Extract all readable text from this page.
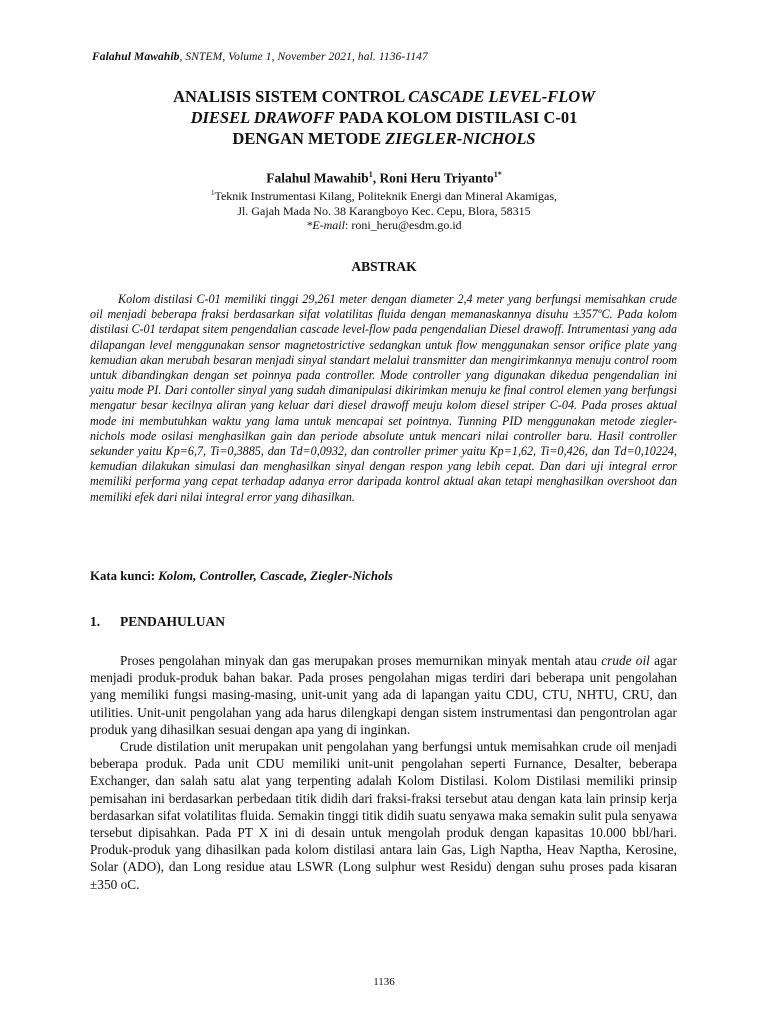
Falahul Mawahib, SNTEM, Volume 1, November 2021, hal. 1136-1147
ANALISIS SISTEM CONTROL CASCADE LEVEL-FLOW
DIESEL DRAWOFF PADA KOLOM DISTILASI C-01
DENGAN METODE ZIEGLER-NICHOLS
Falahul Mawahib$^1$, Roni Heru Triyanto$^{1*}$
$^1$Teknik Instrumentasi Kilang, Politeknik Energi dan Mineral Akamigas,
Jl. Gajah Mada No. 38 Karangboyo Kec. Cepu, Blora, 58315
*E-mail: roni_heru@esdm.go.id
ABSTRAK

Kolom distilasi C-01 memiliki tinggi 29,261 meter dengan diameter 2,4 meter yang berfungsi memisahkan crude oil menjadi beberapa fraksi berdasarkan sifat volatilitas fluida dengan memanaskannya disuhu ±357ºC. Pada kolom distilasi C-01 terdapat sitem pengendalian cascade level-flow pada pengendalian Diesel drawoff. Intrumentasi yang ada dilapangan level menggunakan sensor magnetostrictive sedangkan untuk flow menggunakan sensor orifice plate yang kemudian akan merubah besaran menjadi sinyal standart melalui transmitter dan mengirimkannya menuju control room untuk dibandingkan dengan set poinnya pada controller. Mode controller yang digunakan dikedua pengendalian ini yaitu mode PI. Dari contoller sinyal yang sudah dimanipulasi dikirimkan menuju ke final control elemen yang berfungsi mengatur besar kecilnya aliran yang keluar dari diesel drawoff meuju kolom diesel striper C-04. Pada proses aktual mode ini membutuhkan waktu yang lama untuk mencapai set pointnya. Tunning PID menggunakan metode ziegler-nichols mode osilasi menghasilkan gain dan periode absolute untuk mencari nilai controller baru. Hasil controller sekunder yaitu Kp=6,7, Ti=0,3885, dan Td=0,0932, dan controller primer yaitu Kp=1,62, Ti=0,426, dan Td=0,10224, kemudian dilakukan simulasi dan menghasilkan sinyal dengan respon yang lebih cepat. Dan dari uji integral error memiliki performa yang cepat terhadap adanya error daripada kontrol aktual akan tetapi menghasilkan overshoot dan memiliki efek dari nilai integral error yang dihasilkan.

Kata kunci: Kolom, Controller, Cascade, Ziegler-Nichols
1. PENDAHULUAN

Proses pengolahan minyak dan gas merupakan proses memurnikan minyak mentah atau crude oil agar menjadi produk-produk bahan bakar. Pada proses pengolahan migas terdiri dari beberapa unit pengolahan yang memiliki fungsi masing-masing, unit-unit yang ada di lapangan yaitu CDU, CTU, NHTU, CRU, dan utilities. Unit-unit pengolahan yang ada harus dilengkapi dengan sistem instrumentasi dan pengontrolan agar produk yang dihasilkan sesuai dengan apa yang di inginkan.

Crude distilation unit merupakan unit pengolahan yang berfungsi untuk memisahkan crude oil menjadi beberapa produk. Pada unit CDU memiliki unit-unit pengolahan seperti Furnance, Desalter, beberapa Exchanger, dan salah satu alat yang terpenting adalah Kolom Distilasi. Kolom Distilasi memiliki prinsip pemisahan ini berdasarkan perbedaan titik didih dari fraksi-fraksi tersebut atau dengan kata lain prinsip kerja berdasarkan sifat volatilitas fluida. Semakin tinggi titik didih suatu senyawa maka semakin sulit pula senyawa tersebut dipisahkan. Pada PT X ini di desain untuk mengolah produk dengan kapasitas 10.000 bbl/hari. Produk-produk yang dihasilkan pada kolom distilasi antara lain Gas, Ligh Naptha, Heav Naptha, Kerosine, Solar (ADO), dan Long residue atau LSWR (Long sulphur west Residu) dengan suhu proses pada kisaran ±350 oC.

1136
